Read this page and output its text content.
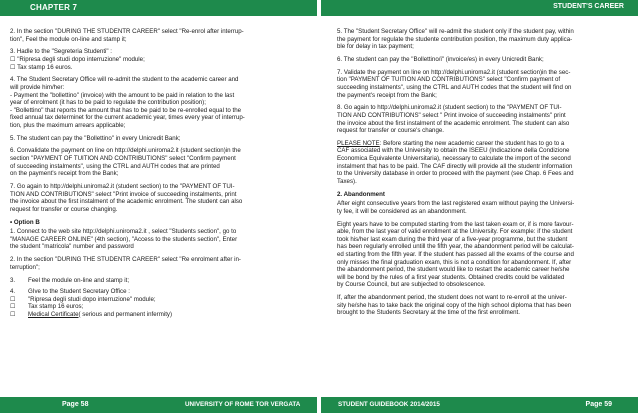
CHAPTER 7	STUDENT'S CAREER
2. In the section "DURING THE STUDENTR CAREER" select "Re-enrol after interrup-
tion", Feel the module on-line and stamp it;
3. Hadle to the "Segreteria Studenti" :
☐ "Ripresa degli studi dopo interruzione" module;
☐ Tax stamp 16 euros.
4. The Student Secretary Office will re-admit the student to the academic career and
will provide him/her:
- Payment the "bollettino" (invoice) with the amount to be paid in relation to the last
year of enrolment (it has to be paid to regulate the contribution position);
- "Bollettino" that reports the amount that has to be paid to be re-enrolled equal to the
fixed annual tax determinet for the current academic year, times every year of interrup-
tion, plus the maximum arrears applicable;
5. The student can pay the "Bollettino" in every Unicredit Bank;
6. Convalidate the payment on line on http://delphi.uniroma2.it (student section)in the
section "PAYMENT OF TUITION AND CONTRIBUTIONS" select "Confirm payment
of succeeding instalments", using the CTRL and AUTH codes that are printed
on the payment's receipt from the Bank;
7. Go again to http://delphi.uniroma2.it (student section) to the "PAYMENT OF TUI-
TION AND CONTRIBUTIONS" select "Print invoice of succeeding instalments, print
the invoice about the first instalment of the academic enrolment. The student can also
request for transfer or course changing.
• Option B
1. Connect to the web site http://delphi.uniroma2.it , select "Students section", go to
"MANAGE CAREER ONLINE" (4th section), "Access to the students section", Enter
the student "matricola" number and password
2. In the section "DURING THE STUDENTR CAREER" select "Re enrolment after in-
terruption";
3.	Feel the module on-line and stamp it;
4.	GIve to the Student Secretary Office :
☐	"Ripresa degli studi dopo interruzione" module;
☐	Tax stamp 16 euros;
☐	Medical Certificate ( serious and permanent infermity)
5. The "Student Secretary Office" will re-admit the student only if the student pay, within
the payment for regulate the studente contribution position, the maximum duty applica-
ble for delay in tax payment;
6. The student can pay the "Bollettino/i" (invoice/es) in every Unicredit Bank;
7. Validate the payment on line on http://delphi.uniroma2.it (student section)in the sec-
tion "PAYMENT OF TUITION AND CONTRIBUTIONS" select "Confirm payment of
succeeding instalments", using the CTRL and AUTH codes that the student will find on
the payment's receipt from the Bank;
8. Go again to http://delphi.uniroma2.it (student section) to the "PAYMENT OF TUI-
TION AND CONTRIBUTIONS" select " Print invoice of succeeding instalments" print
the invoice about the first instalment of the academic enrolment. The student can also
request for transfer or course's change.
PLEASE NOTE: Before starting the new academic career the student has to go to a
CAF associated with the University to obtain the ISEEU (Indicazione della Condizione
Economica Equivalente Universitaria), necessary to calculate the import of the second
instalment that has to be paid. The CAF directly will provide all the studentr information
to the University database in order to proceed with the payment (see Chap. 6 Fees and
Taxes).
2. Abandonment
After eight consecutive years from the last registered exam without paying the Universi-
ty fee, it will be considered as an abandonment.
Eight years have to be computed starting from the last taken exam or, if is more favour-
able, from the last year of valid enrollment at the University. For example: if the student
took his/her last exam during the third year of a five-year programme, but the student
has been regularly enrolled untill the fifth year, the abandonment period will be calculat-
ed starting from the fifth year. If the student has passed all the exams of the course and
only misses the final graduation exam, this is not a condition for abandonment. If, after
the abandonment period, the student would like to restart the academic career he/she
will be bond by the rules of a first year students. Obtained credits could be validated
by Course Council, but are subjected to obsolescence.
If, after the abandonment period, the student does not want to re-enroll at the univer-
sity he/she has to take back the original copy of the high school diploma that has been
brought to the Students Secretary at the time of the first enrollment.
Page 58	UNIVERSITY OF ROME TOR VERGATA	STUDENT GUIDEBOOK 2014/2015	Page 59
